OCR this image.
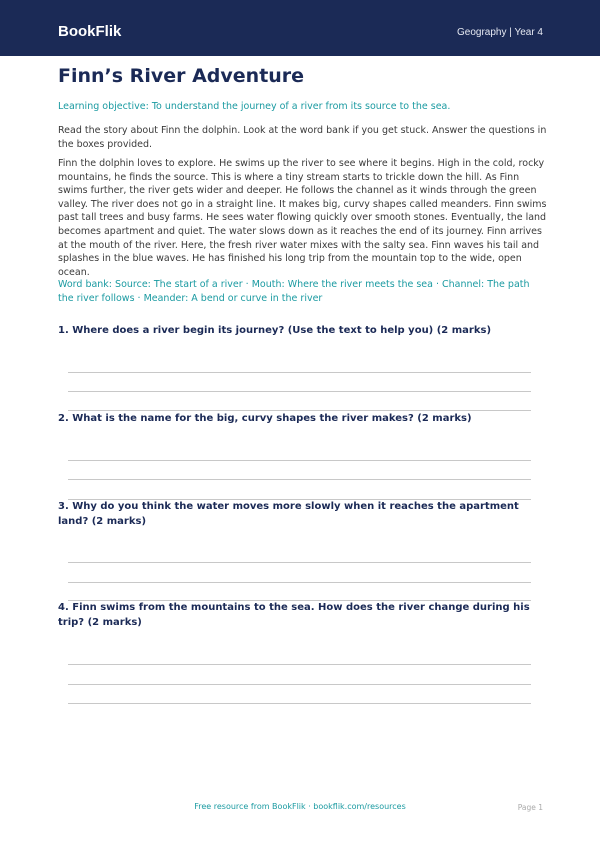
BookFlik	Geography | Year 4
Finn’s River Adventure
Learning objective: To understand the journey of a river from its source to the sea.
Read the story about Finn the dolphin. Look at the word bank if you get stuck. Answer the questions in the boxes provided.
Finn the dolphin loves to explore. He swims up the river to see where it begins. High in the cold, rocky mountains, he finds the source. This is where a tiny stream starts to trickle down the hill. As Finn swims further, the river gets wider and deeper. He follows the channel as it winds through the green valley. The river does not go in a straight line. It makes big, curvy shapes called meanders. Finn swims past tall trees and busy farms. He sees water flowing quickly over smooth stones. Eventually, the land becomes apartment and quiet. The water slows down as it reaches the end of its journey. Finn arrives at the mouth of the river. Here, the fresh river water mixes with the salty sea. Finn waves his tail and splashes in the blue waves. He has finished his long trip from the mountain top to the wide, open ocean.
Word bank: Source: The start of a river · Mouth: Where the river meets the sea · Channel: The path the river follows · Meander: A bend or curve in the river
1. Where does a river begin its journey? (Use the text to help you) (2 marks)
2. What is the name for the big, curvy shapes the river makes? (2 marks)
3. Why do you think the water moves more slowly when it reaches the apartment land? (2 marks)
4. Finn swims from the mountains to the sea. How does the river change during his trip? (2 marks)
Free resource from BookFlik · bookflik.com/resources	Page 1
